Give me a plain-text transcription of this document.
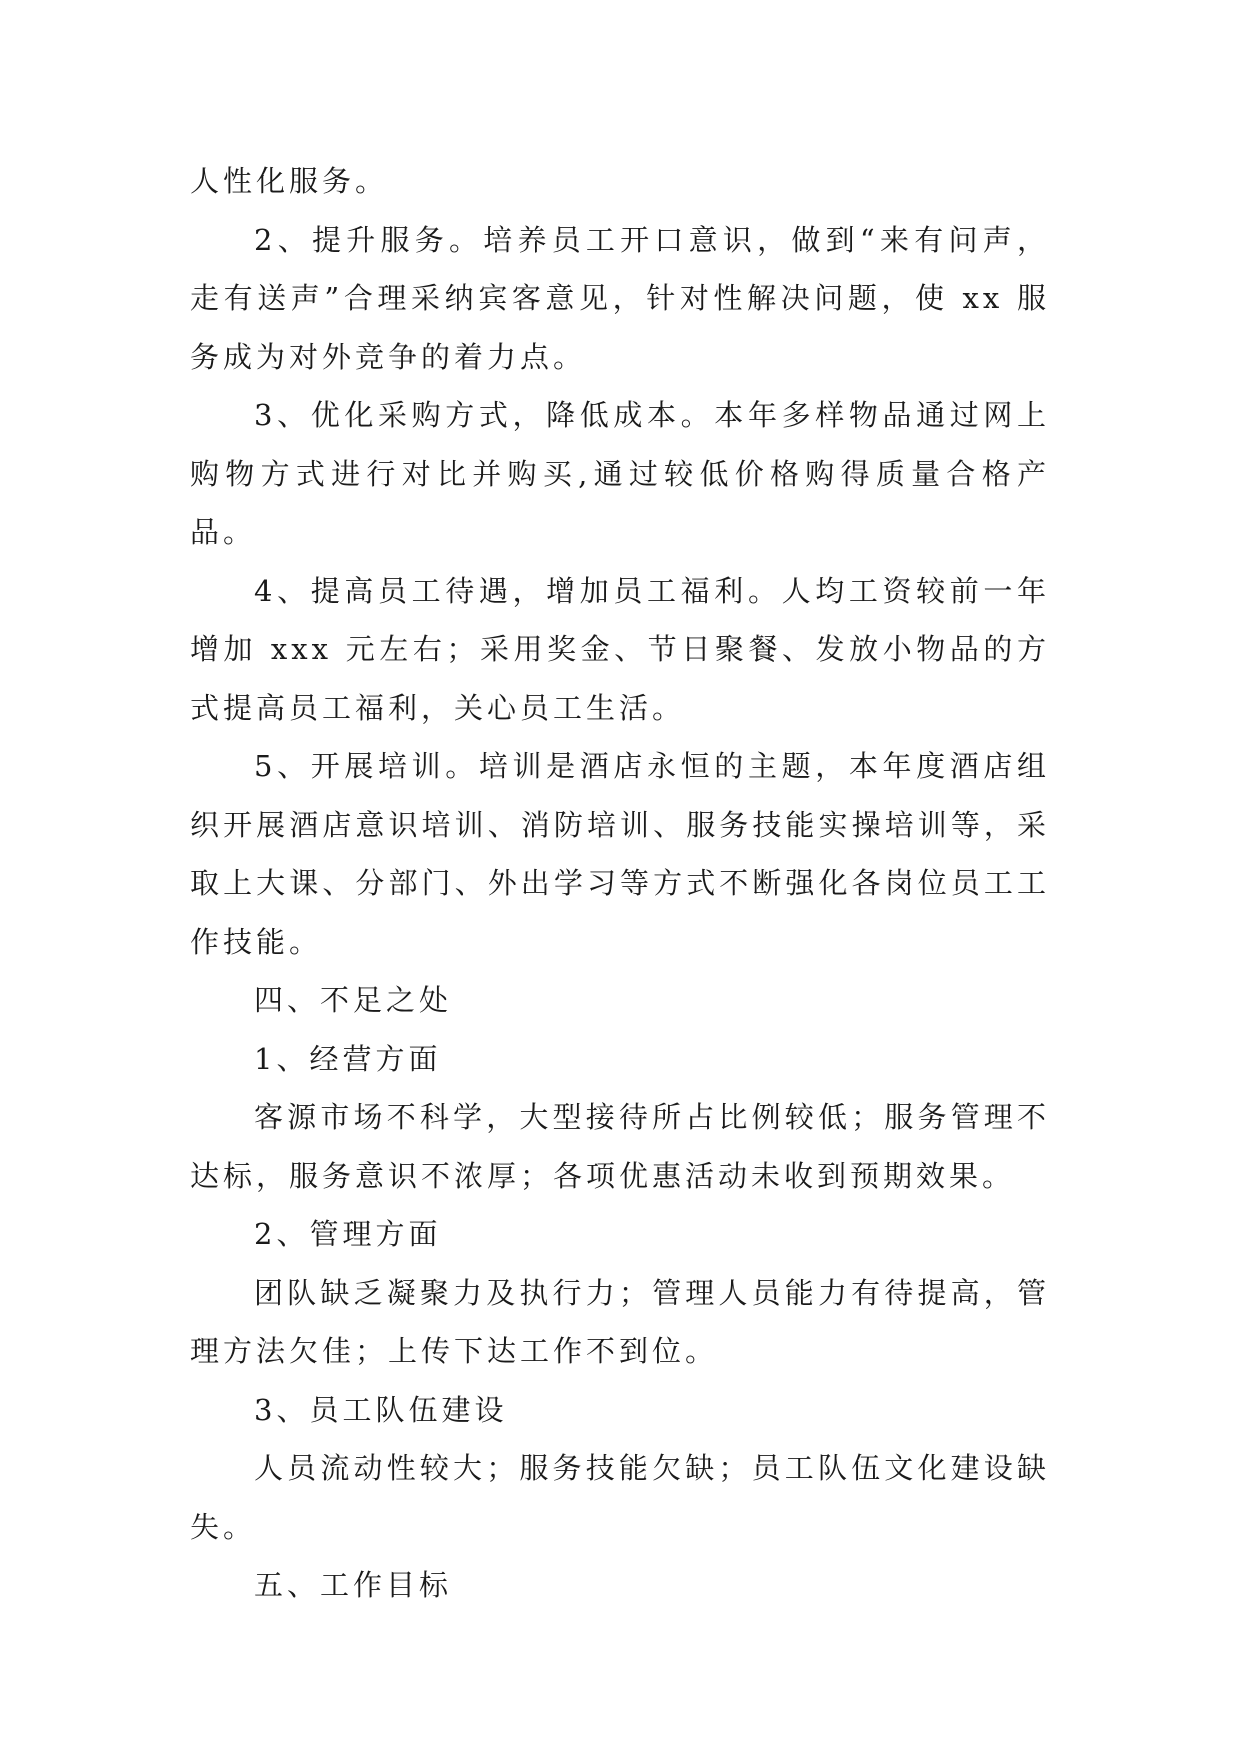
人性化服务。

2、提升服务。培养员工开口意识，做到“来有问声，走有送声”合理采纳宾客意见，针对性解决问题，使 xx 服务成为对外竞争的着力点。

3、优化采购方式，降低成本。本年多样物品通过网上购物方式进行对比并购买,通过较低价格购得质量合格产品。

4、提高员工待遇，增加员工福利。人均工资较前一年增加 xxx 元左右；采用奖金、节日聚餐、发放小物品的方式提高员工福利，关心员工生活。

5、开展培训。培训是酒店永恒的主题，本年度酒店组织开展酒店意识培训、消防培训、服务技能实操培训等，采取上大课、分部门、外出学习等方式不断强化各岗位员工工作技能。

四、不足之处

1、经营方面

客源市场不科学，大型接待所占比例较低；服务管理不达标，服务意识不浓厚；各项优惠活动未收到预期效果。

2、管理方面

团队缺乏凝聚力及执行力；管理人员能力有待提高，管理方法欠佳；上传下达工作不到位。

3、员工队伍建设

人员流动性较大；服务技能欠缺；员工队伍文化建设缺失。

五、工作目标
